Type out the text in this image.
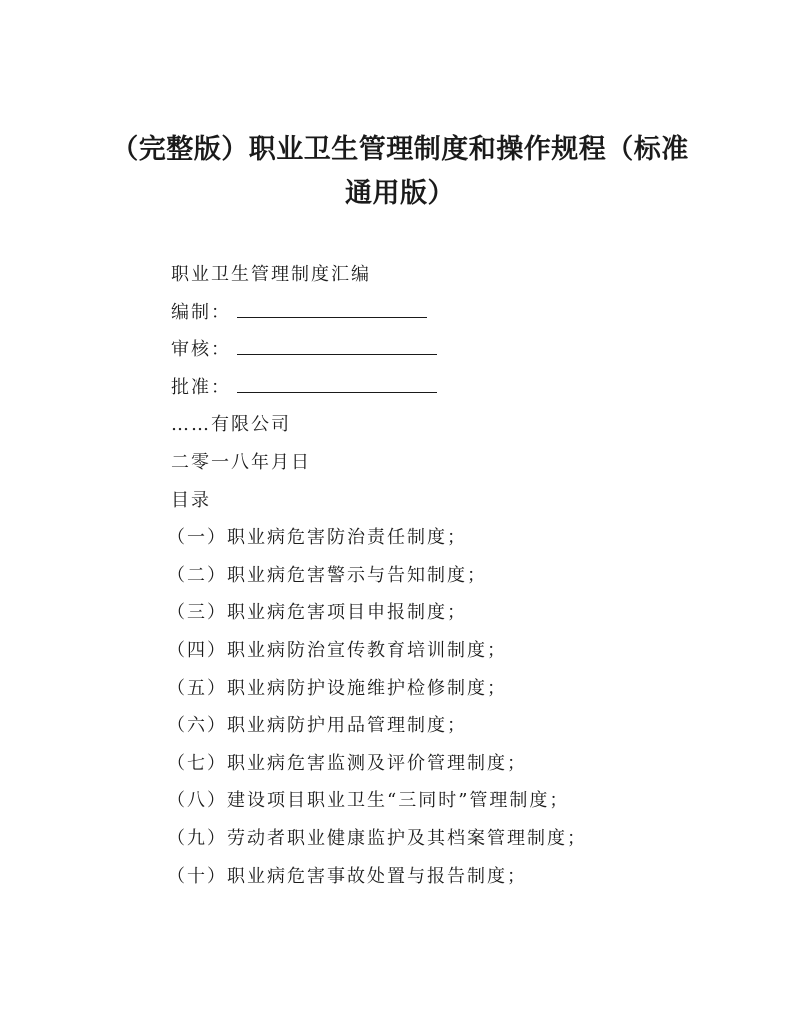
（完整版）职业卫生管理制度和操作规程（标准
通用版）
职业卫生管理制度汇编
编制：
审核：
批准：
……有限公司
二零一八年月日
目录
（一）职业病危害防治责任制度；
（二）职业病危害警示与告知制度；
（三）职业病危害项目申报制度；
（四）职业病防治宣传教育培训制度；
（五）职业病防护设施维护检修制度；
（六）职业病防护用品管理制度；
（七）职业病危害监测及评价管理制度；
（八）建设项目职业卫生“三同时”管理制度；
（九）劳动者职业健康监护及其档案管理制度；
（十）职业病危害事故处置与报告制度；
